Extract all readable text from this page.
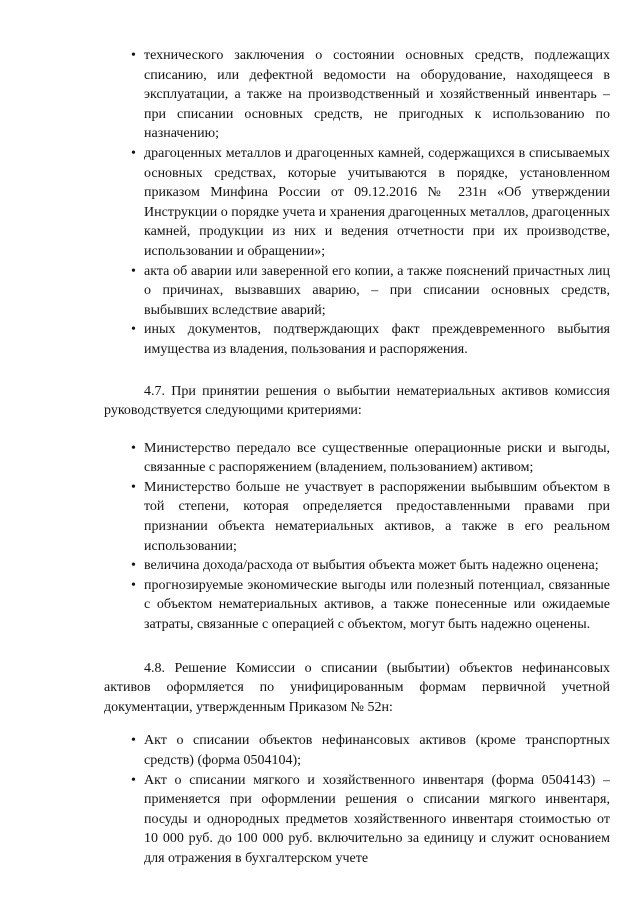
• технического заключения о состоянии основных средств, подлежащих списанию, или дефектной ведомости на оборудование, находящееся в эксплуатации, а также на производственный и хозяйственный инвентарь – при списании основных средств, не пригодных к использованию по назначению;
• драгоценных металлов и драгоценных камней, содержащихся в списываемых основных средствах, которые учитываются в порядке, установленном приказом Минфина России от 09.12.2016 № 231н «Об утверждении Инструкции о порядке учета и хранения драгоценных металлов, драгоценных камней, продукции из них и ведения отчетности при их производстве, использовании и обращении»;
• акта об аварии или заверенной его копии, а также пояснений причастных лиц о причинах, вызвавших аварию, – при списании основных средств, выбывших вследствие аварий;
• иных документов, подтверждающих факт преждевременного выбытия имущества из владения, пользования и распоряжения.

4.7. При принятии решения о выбытии нематериальных активов комиссия руководствуется следующими критериями:

• Министерство передало все существенные операционные риски и выгоды, связанные с распоряжением (владением, пользованием) активом;
• Министерство больше не участвует в распоряжении выбывшим объектом в той степени, которая определяется предоставленными правами при признании объекта нематериальных активов, а также в его реальном использовании;
• величина дохода/расхода от выбытия объекта может быть надежно оценена;
• прогнозируемые экономические выгоды или полезный потенциал, связанные с объектом нематериальных активов, а также понесенные или ожидаемые затраты, связанные с операцией с объектом, могут быть надежно оценены.

4.8. Решение Комиссии о списании (выбытии) объектов нефинансовых активов оформляется по унифицированным формам первичной учетной документации, утвержденным Приказом № 52н:

• Акт о списании объектов нефинансовых активов (кроме транспортных средств) (форма 0504104);
• Акт о списании мягкого и хозяйственного инвентаря (форма 0504143) – применяется при оформлении решения о списании мягкого инвентаря, посуды и однородных предметов хозяйственного инвентаря стоимостью от 10 000 руб. до 100 000 руб. включительно за единицу и служит основанием для отражения в бухгалтерском учете
